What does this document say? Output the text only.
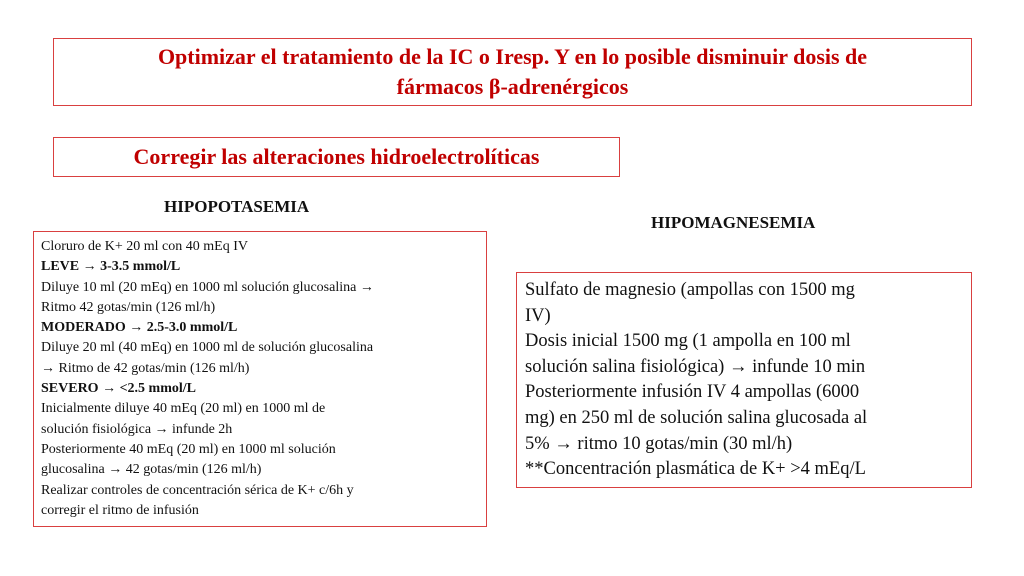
Optimizar el tratamiento de la IC o Iresp. Y en lo posible disminuir dosis de
fármacos β-adrenérgicos
Corregir las alteraciones hidroelectrolíticas
HIPOPOTASEMIA
HIPOMAGNESEMIA
Cloruro de K+ 20 ml con 40 mEq IV
LEVE → 3-3.5 mmol/L
Diluye 10 ml (20 mEq) en 1000 ml solución glucosalina →
Ritmo 42 gotas/min (126 ml/h)
MODERADO → 2.5-3.0 mmol/L
Diluye 20 ml (40 mEq) en 1000 ml de solución glucosalina
→ Ritmo de 42 gotas/min (126 ml/h)
SEVERO → <2.5 mmol/L
Inicialmente diluye 40 mEq (20 ml) en 1000 ml de
solución fisiológica → infunde 2h
Posteriormente 40 mEq (20 ml) en 1000 ml solución
glucosalina → 42 gotas/min (126 ml/h)
Realizar controles de concentración sérica de K+ c/6h y
corregir el ritmo de infusión
Sulfato de magnesio (ampollas con 1500 mg
IV)
Dosis inicial 1500 mg (1 ampolla en 100 ml
solución salina fisiológica) → infunde 10 min
Posteriormente infusión IV 4 ampollas (6000
mg) en 250 ml de solución salina glucosada al
5% → ritmo 10 gotas/min (30 ml/h)
**Concentración plasmática de K+ >4 mEq/L
